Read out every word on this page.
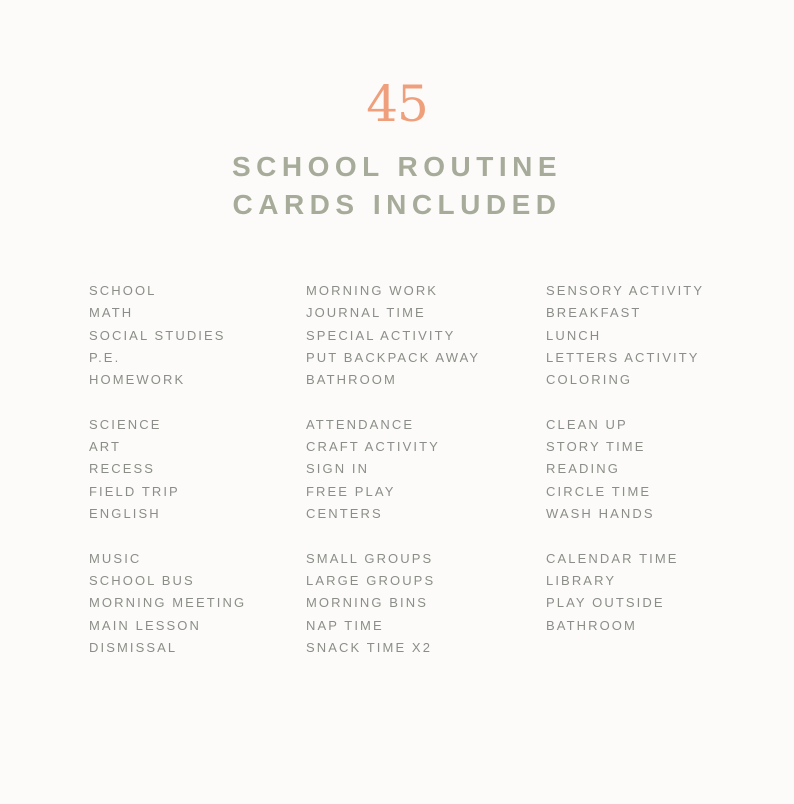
45
SCHOOL ROUTINE
CARDS INCLUDED
SCHOOL
MATH
SOCIAL STUDIES
P.E.
HOMEWORK
SCIENCE
ART
RECESS
FIELD TRIP
ENGLISH
MUSIC
SCHOOL BUS
MORNING MEETING
MAIN LESSON
DISMISSAL
MORNING WORK
JOURNAL TIME
SPECIAL ACTIVITY
PUT BACKPACK AWAY
BATHROOM
ATTENDANCE
CRAFT ACTIVITY
SIGN IN
FREE PLAY
CENTERS
SMALL GROUPS
LARGE GROUPS
MORNING BINS
NAP TIME
SNACK TIME X2
SENSORY ACTIVITY
BREAKFAST
LUNCH
LETTERS ACTIVITY
COLORING
CLEAN UP
STORY TIME
READING
CIRCLE TIME
WASH HANDS
CALENDAR TIME
LIBRARY
PLAY OUTSIDE
BATHROOM
